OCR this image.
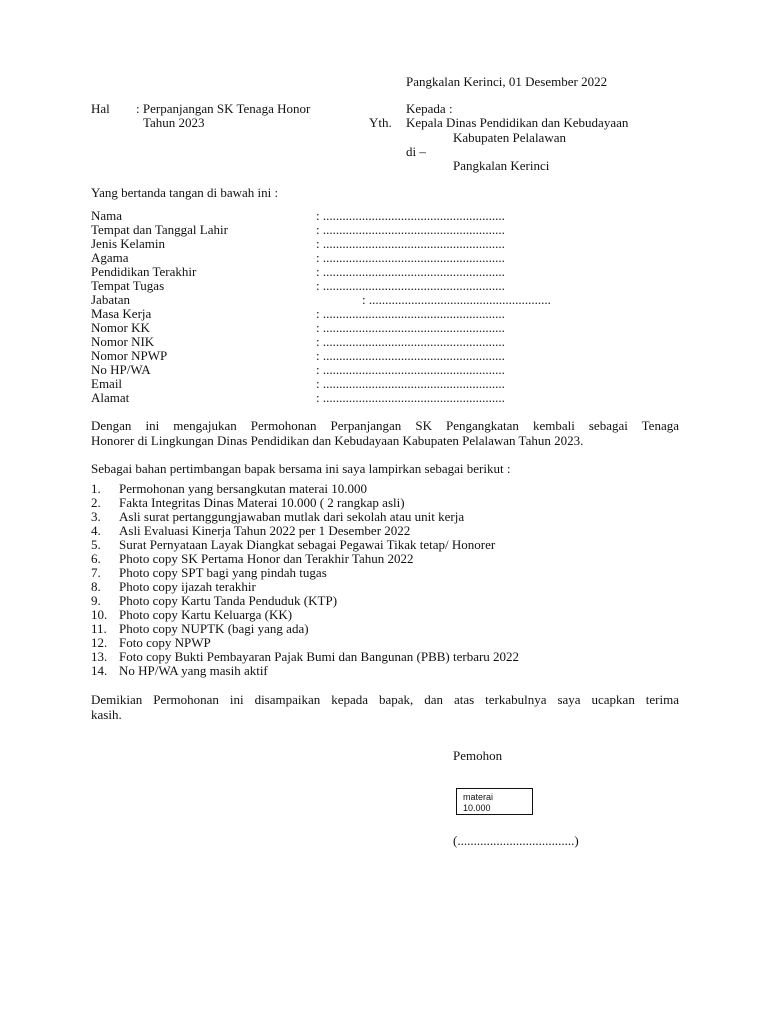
Pangkalan Kerinci, 01 Desember 2022
Hal : Perpanjangan SK Tenaga Honor
Tahun 2023
Kepada :
Yth. Kepala Dinas Pendidikan dan Kebudayaan
Kabupaten Pelalawan
di –
Pangkalan Kerinci
Yang bertanda tangan di bawah ini :
Nama	: ........................................................
Tempat dan Tanggal Lahir	: ........................................................
Jenis Kelamin	: ........................................................
Agama	: ........................................................
Pendidikan Terakhir	: ........................................................
Tempat Tugas	: ........................................................
Jabatan	: ........................................................
Masa Kerja	: ........................................................
Nomor KK	: ........................................................
Nomor NIK	: ........................................................
Nomor NPWP	: ........................................................
No HP/WA	: ........................................................
Email	: ........................................................
Alamat	: ........................................................
Dengan ini mengajukan Permohonan Perpanjangan SK Pengangkatan kembali sebagai Tenaga
Honorer di Lingkungan Dinas Pendidikan dan Kebudayaan Kabupaten Pelalawan Tahun 2023.
Sebagai bahan pertimbangan bapak bersama ini saya lampirkan sebagai berikut :
1. Permohonan yang bersangkutan materai 10.000
2. Fakta Integritas Dinas Materai 10.000 ( 2 rangkap asli)
3. Asli surat pertanggungjawaban mutlak dari sekolah atau unit kerja
4. Asli Evaluasi Kinerja Tahun 2022 per 1 Desember 2022
5. Surat Pernyataan Layak Diangkat sebagai Pegawai Tikak tetap/ Honorer
6. Photo copy SK Pertama Honor dan Terakhir Tahun 2022
7. Photo copy SPT bagi yang pindah tugas
8. Photo copy ijazah terakhir
9. Photo copy Kartu Tanda Penduduk (KTP)
10. Photo copy Kartu Keluarga (KK)
11. Photo copy NUPTK (bagi yang ada)
12. Foto copy NPWP
13. Foto copy Bukti Pembayaran Pajak Bumi dan Bangunan (PBB) terbaru 2022
14. No HP/WA yang masih aktif
Demikian Permohonan ini disampaikan kepada bapak, dan atas terkabulnya saya ucapkan terima
kasih.
Pemohon
materai
10.000
(....................................)
